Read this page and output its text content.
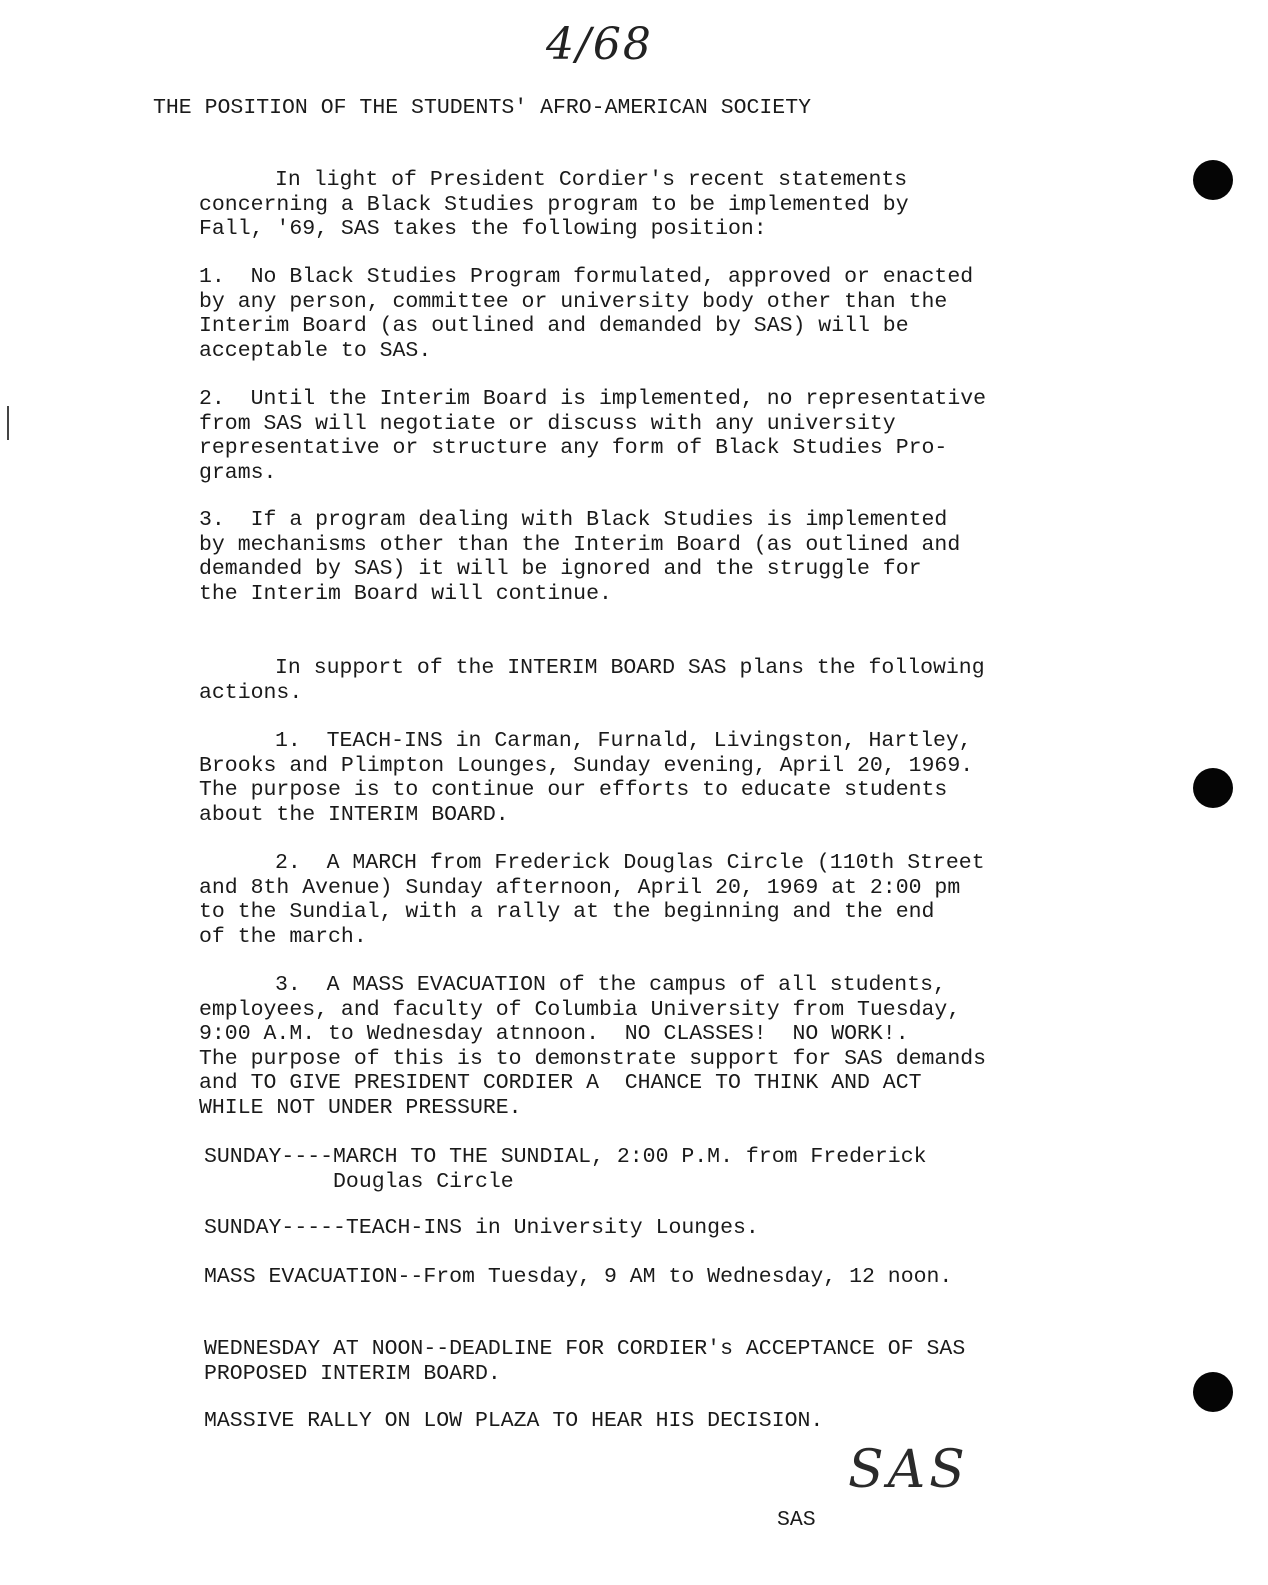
4/68
THE POSITION OF THE STUDENTS' AFRO-AMERICAN SOCIETY
In light of President Cordier's recent statements
concerning a Black Studies program to be implemented by
Fall, '69, SAS takes the following position:
1.  No Black Studies Program formulated, approved or enacted
by any person, committee or university body other than the
Interim Board (as outlined and demanded by SAS) will be
acceptable to SAS.
2.  Until the Interim Board is implemented, no representative
from SAS will negotiate or discuss with any university
representative or structure any form of Black Studies Pro-
grams.
3.  If a program dealing with Black Studies is implemented
by mechanisms other than the Interim Board (as outlined and
demanded by SAS) it will be ignored and the struggle for
the Interim Board will continue.
In support of the INTERIM BOARD SAS plans the following
actions.
1.  TEACH-INS in Carman, Furnald, Livingston, Hartley,
Brooks and Plimpton Lounges, Sunday evening, April 20, 1969.
The purpose is to continue our efforts to educate students
about the INTERIM BOARD.
2.  A MARCH from Frederick Douglas Circle (110th Street
and 8th Avenue) Sunday afternoon, April 20, 1969 at 2:00 pm
to the Sundial, with a rally at the beginning and the end
of the march.
3.  A MASS EVACUATION of the campus of all students,
employees, and faculty of Columbia University from Tuesday,
9:00 A.M. to Wednesday atnnoon.  NO CLASSES!  NO WORK!.
The purpose of this is to demonstrate support for SAS demands
and TO GIVE PRESIDENT CORDIER A  CHANCE TO THINK AND ACT
WHILE NOT UNDER PRESSURE.
SUNDAY----MARCH TO THE SUNDIAL, 2:00 P.M. from Frederick
Douglas Circle
SUNDAY-----TEACH-INS in University Lounges.
MASS EVACUATION--From Tuesday, 9 AM to Wednesday, 12 noon.
WEDNESDAY AT NOON--DEADLINE FOR CORDIER's ACCEPTANCE OF SAS
PROPOSED INTERIM BOARD.
MASSIVE RALLY ON LOW PLAZA TO HEAR HIS DECISION.
SAS
SAS
